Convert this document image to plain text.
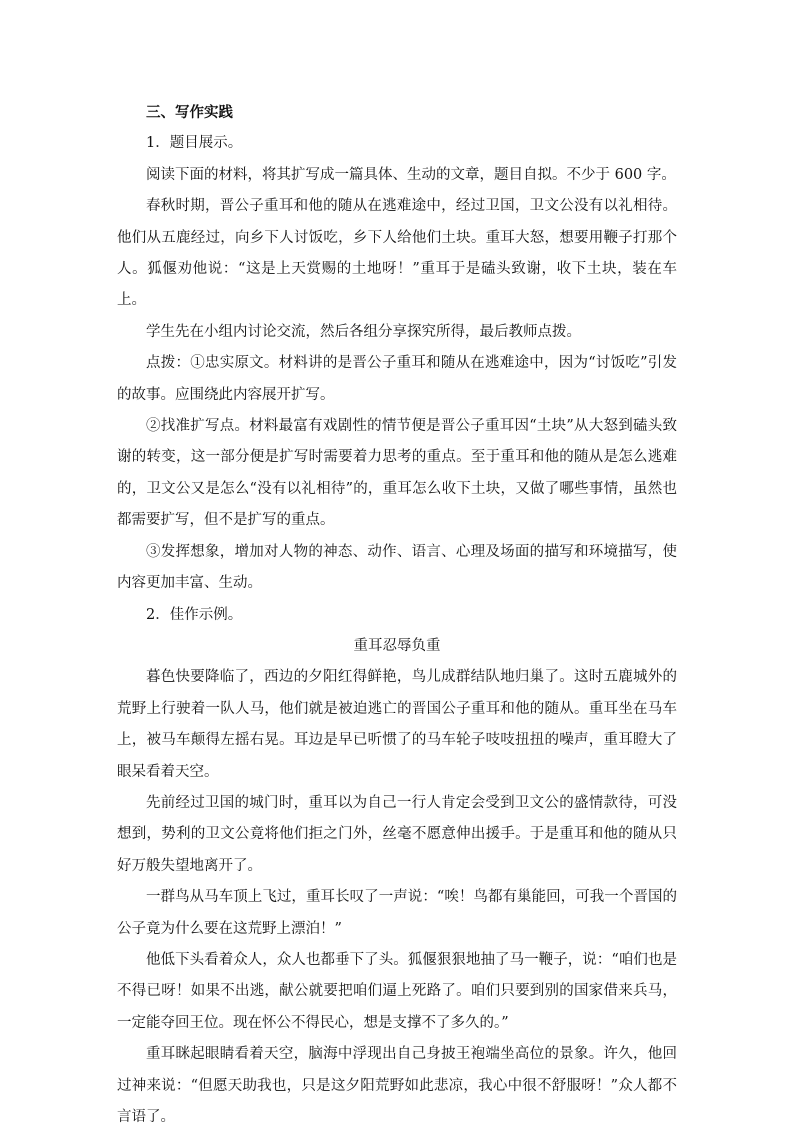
三、写作实践

1．题目展示。

阅读下面的材料，将其扩写成一篇具体、生动的文章，题目自拟。不少于 600 字。

春秋时期，晋公子重耳和他的随从在逃难途中，经过卫国，卫文公没有以礼相待。他们从五鹿经过，向乡下人讨饭吃，乡下人给他们土块。重耳大怒，想要用鞭子打那个人。狐偃劝他说：“这是上天赏赐的土地呀！”重耳于是磕头致谢，收下土块，装在车上。

学生先在小组内讨论交流，然后各组分享探究所得，最后教师点拨。

点拨：①忠实原文。材料讲的是晋公子重耳和随从在逃难途中，因为“讨饭吃”引发的故事。应围绕此内容展开扩写。

②找准扩写点。材料最富有戏剧性的情节便是晋公子重耳因“土块”从大怒到磕头致谢的转变，这一部分便是扩写时需要着力思考的重点。至于重耳和他的随从是怎么逃难的，卫文公又是怎么“没有以礼相待”的，重耳怎么收下土块，又做了哪些事情，虽然也都需要扩写，但不是扩写的重点。

③发挥想象，增加对人物的神态、动作、语言、心理及场面的描写和环境描写，使内容更加丰富、生动。

2．佳作示例。

重耳忍辱负重

暮色快要降临了，西边的夕阳红得鲜艳，鸟儿成群结队地归巢了。这时五鹿城外的荒野上行驶着一队人马，他们就是被迫逃亡的晋国公子重耳和他的随从。重耳坐在马车上，被马车颠得左摇右晃。耳边是早已听惯了的马车轮子吱吱扭扭的噪声，重耳瞪大了眼呆看着天空。

先前经过卫国的城门时，重耳以为自己一行人肯定会受到卫文公的盛情款待，可没想到，势利的卫文公竟将他们拒之门外，丝毫不愿意伸出援手。于是重耳和他的随从只好万般失望地离开了。

一群鸟从马车顶上飞过，重耳长叹了一声说：“唉！鸟都有巢能回，可我一个晋国的公子竟为什么要在这荒野上漂泊！”

他低下头看着众人，众人也都垂下了头。狐偃狠狠地抽了马一鞭子，说：“咱们也是不得已呀！如果不出逃，献公就要把咱们逼上死路了。咱们只要到别的国家借来兵马，一定能夺回王位。现在怀公不得民心，想是支撑不了多久的。”

重耳眯起眼睛看着天空，脑海中浮现出自己身披王袍端坐高位的景象。许久，他回过神来说：“但愿天助我也，只是这夕阳荒野如此悲凉，我心中很不舒服呀！”众人都不言语了。
